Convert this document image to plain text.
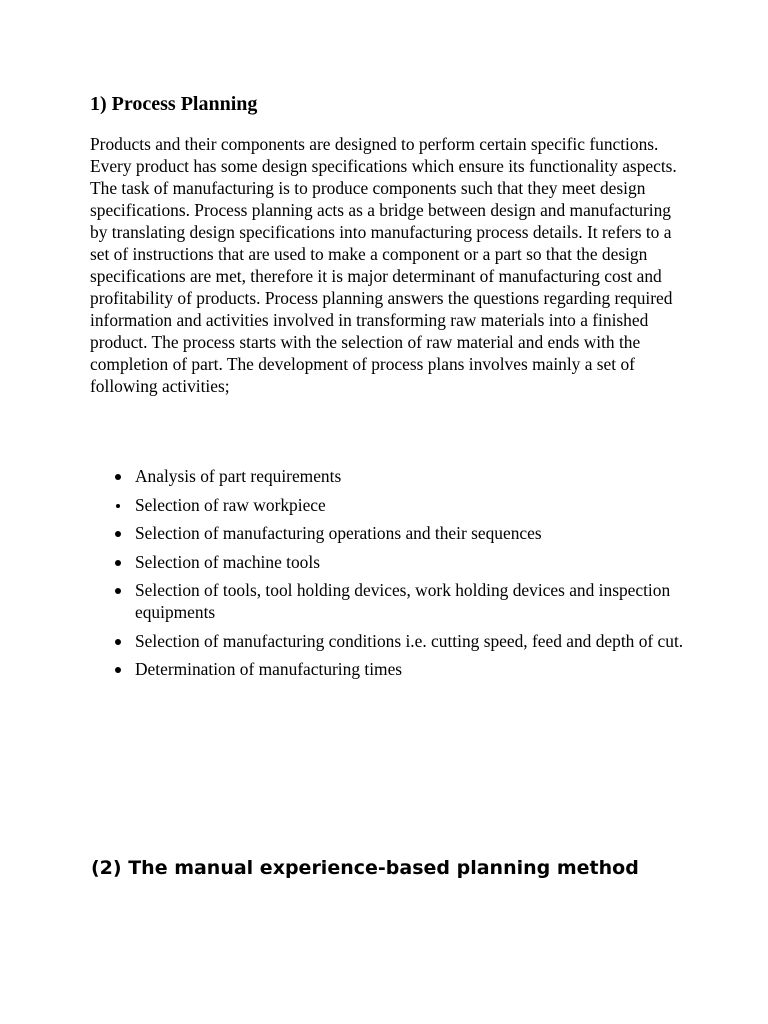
1) Process Planning

Products and their components are designed to perform certain specific functions. Every product has some design specifications which ensure its functionality aspects. The task of manufacturing is to produce components such that they meet design specifications. Process planning acts as a bridge between design and manufacturing by translating design specifications into manufacturing process details. It refers to a set of instructions that are used to make a component or a part so that the design specifications are met, therefore it is major determinant of manufacturing cost and profitability of products. Process planning answers the questions regarding required information and activities involved in transforming raw materials into a finished product. The process starts with the selection of raw material and ends with the completion of part. The development of process plans involves mainly a set of following activities;

Analysis of part requirements
Selection of raw workpiece
Selection of manufacturing operations and their sequences
Selection of machine tools
Selection of tools, tool holding devices, work holding devices and inspection equipments
Selection of manufacturing conditions i.e. cutting speed, feed and depth of cut.
Determination of manufacturing times
(2) The manual experience-based planning method
